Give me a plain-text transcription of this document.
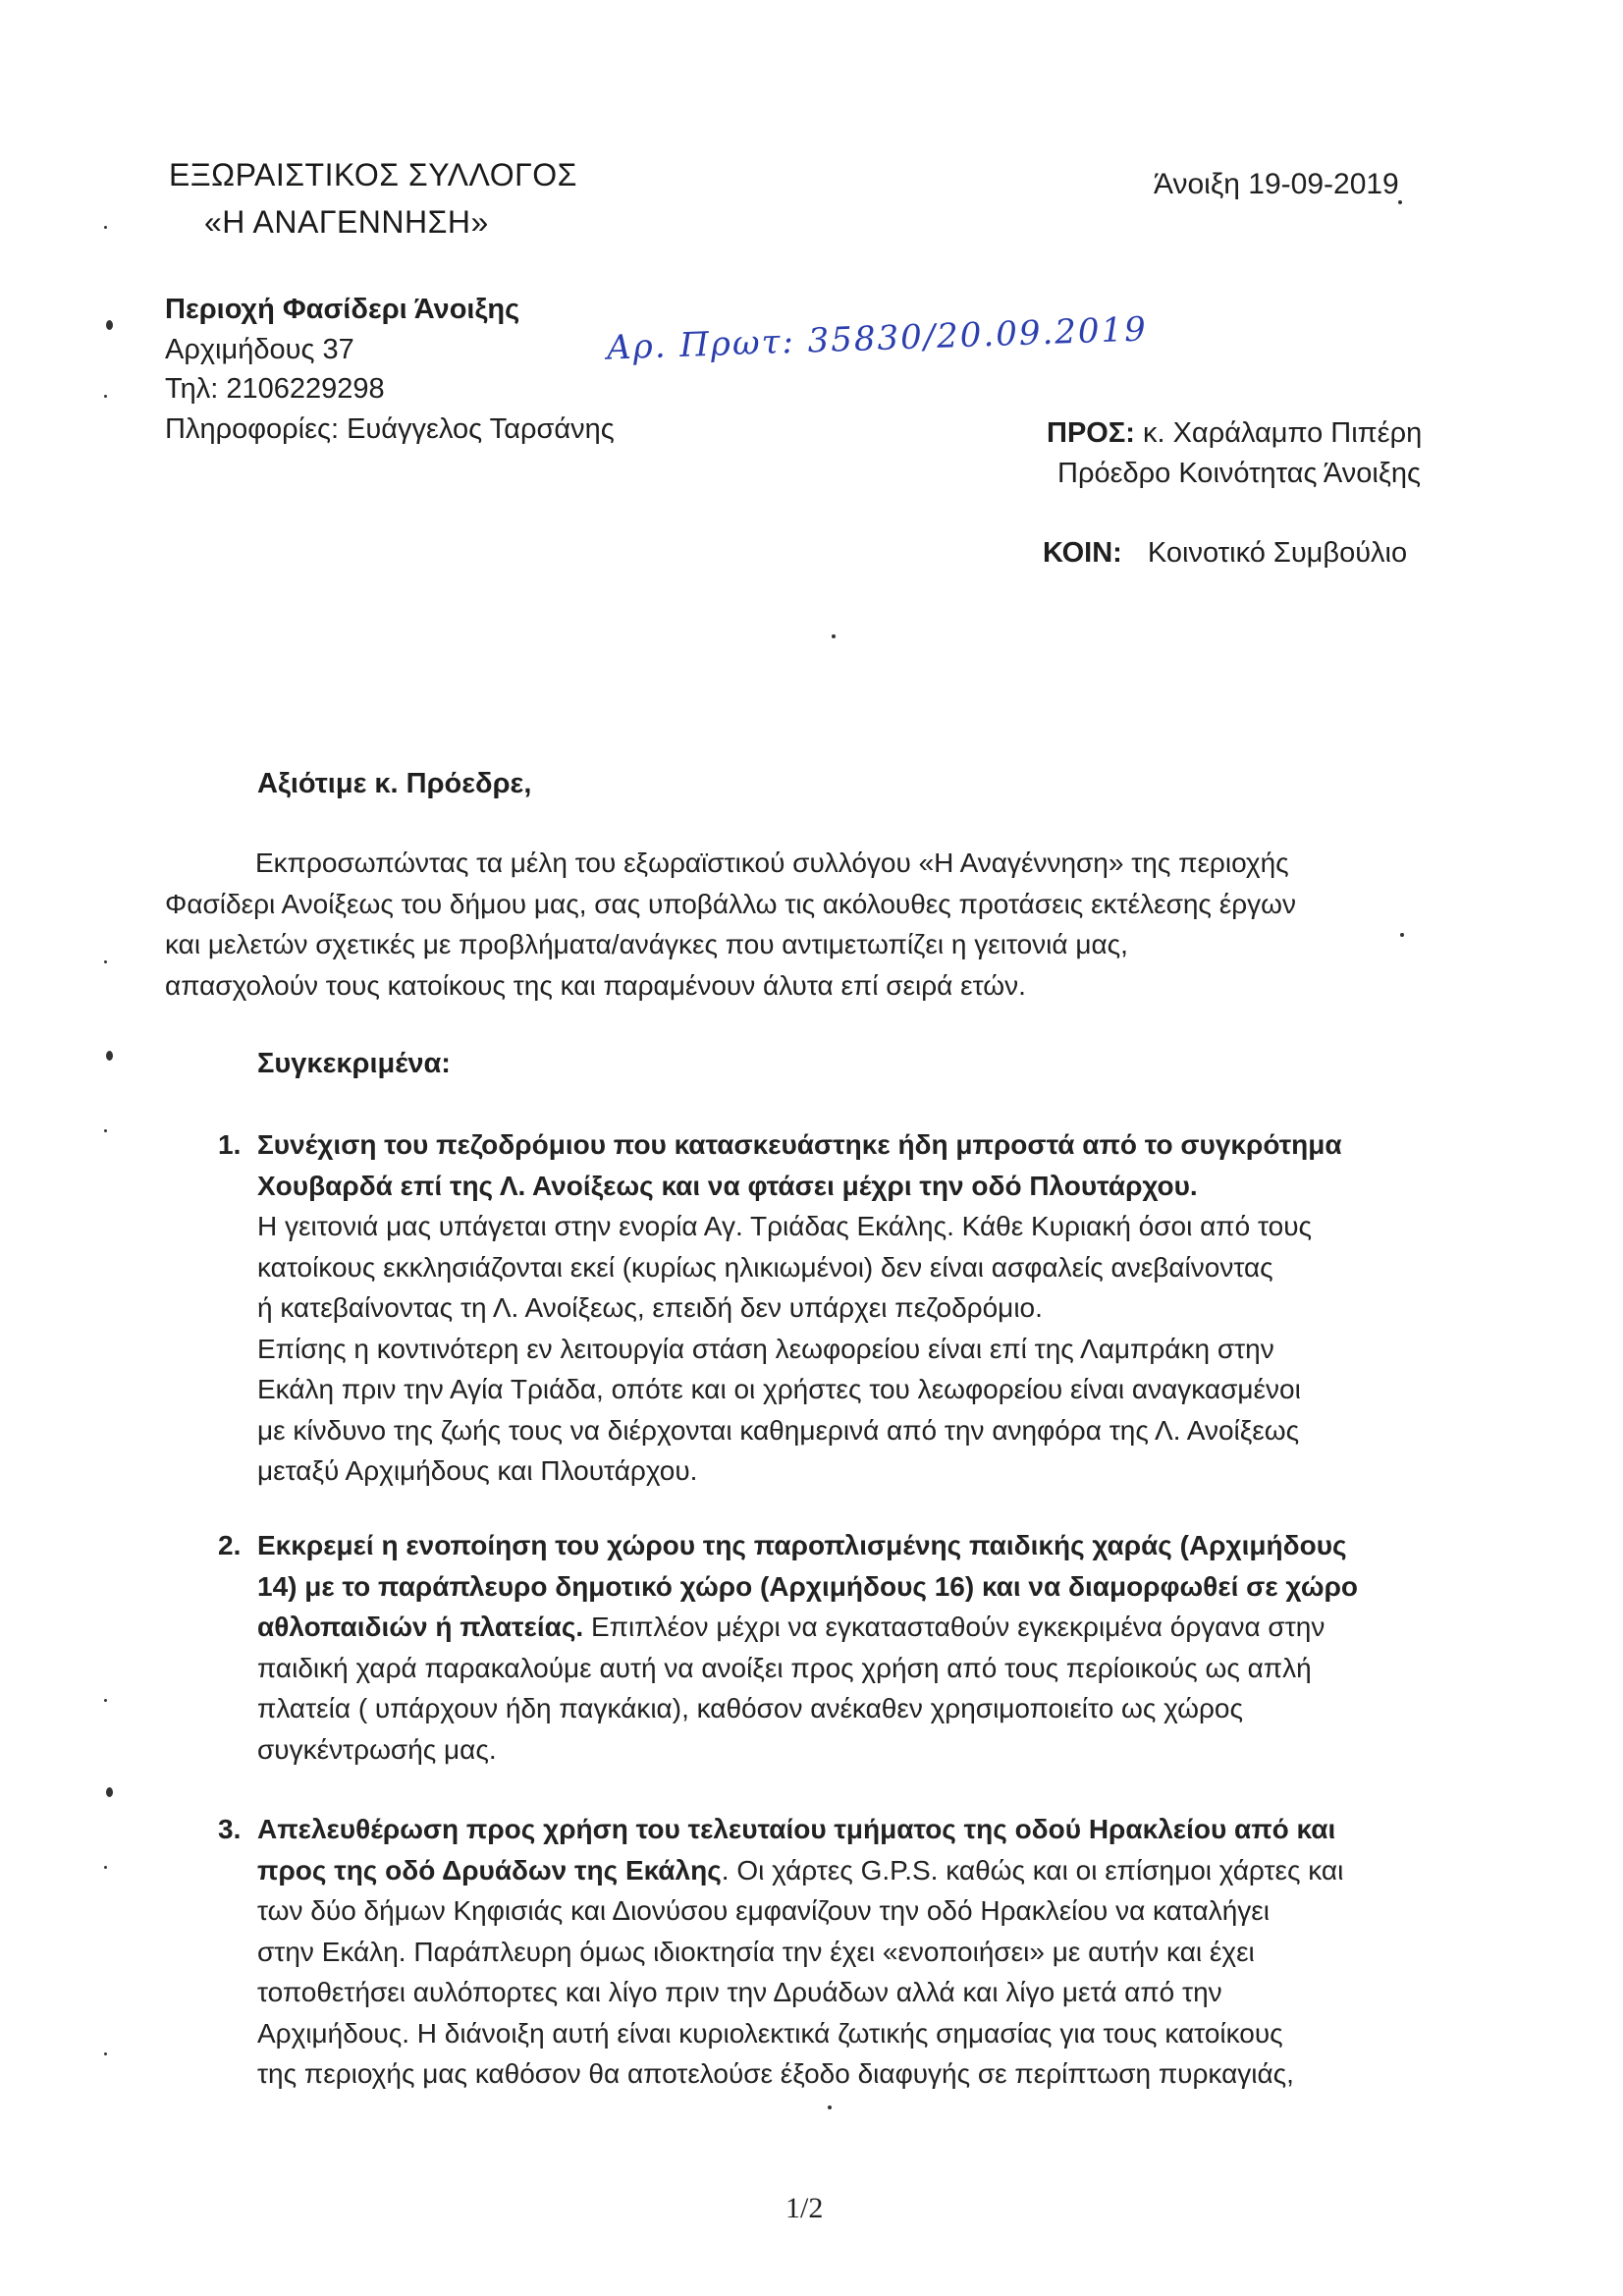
ΕΞΩΡΑΙΣΤΙΚΟΣ ΣΥΛΛΟΓΟΣ
«Η ΑΝΑΓΕΝΝΗΣΗ»
Άνοιξη 19-09-2019
Περιοχή Φασίδερι Άνοιξης
Αρχιμήδους 37
Τηλ: 2106229298
Πληροφορίες: Ευάγγελος Ταρσάνης
Αρ. Πρωτ: 35830/20.09.2019
ΠΡΟΣ: κ. Χαράλαμπο Πιπέρη
Πρόεδρο Κοινότητας Άνοιξης
ΚΟΙΝ: Κοινοτικό Συμβούλιο
Αξιότιμε κ. Πρόεδρε,
Εκπροσωπώντας τα μέλη του εξωραϊστικού συλλόγου «Η Αναγέννηση» της περιοχής
Φασίδερι Ανοίξεως του δήμου μας, σας υποβάλλω τις ακόλουθες προτάσεις εκτέλεσης έργων
και μελετών σχετικές με προβλήματα/ανάγκες που αντιμετωπίζει η γειτονιά μας,
απασχολούν τους κατοίκους της και παραμένουν άλυτα επί σειρά ετών.
Συγκεκριμένα:
1. Συνέχιση του πεζοδρόμιου που κατασκευάστηκε ήδη μπροστά από το συγκρότημα
Χουβαρδά επί της Λ. Ανοίξεως και να φτάσει μέχρι την οδό Πλουτάρχου.
Η γειτονιά μας υπάγεται στην ενορία Αγ. Τριάδας Εκάλης. Κάθε Κυριακή όσοι από τους
κατοίκους εκκλησιάζονται εκεί (κυρίως ηλικιωμένοι) δεν είναι ασφαλείς ανεβαίνοντας
ή κατεβαίνοντας τη Λ. Ανοίξεως, επειδή δεν υπάρχει πεζοδρόμιο.
Επίσης η κοντινότερη εν λειτουργία στάση λεωφορείου είναι επί της Λαμπράκη στην
Εκάλη πριν την Αγία Τριάδα, οπότε και οι χρήστες του λεωφορείου είναι αναγκασμένοι
με κίνδυνο της ζωής τους να διέρχονται καθημερινά από την ανηφόρα της Λ. Ανοίξεως
μεταξύ Αρχιμήδους και Πλουτάρχου.
2. Εκκρεμεί η ενοποίηση του χώρου της παροπλισμένης παιδικής χαράς (Αρχιμήδους
14) με το παράπλευρο δημοτικό χώρο (Αρχιμήδους 16) και να διαμορφωθεί σε χώρο
αθλοπαιδιών ή πλατείας. Επιπλέον μέχρι να εγκατασταθούν εγκεκριμένα όργανα στην
παιδική χαρά παρακαλούμε αυτή να ανοίξει προς χρήση από τους περίοικούς ως απλή
πλατεία ( υπάρχουν ήδη παγκάκια), καθόσον ανέκαθεν χρησιμοποιείτο ως χώρος
συγκέντρωσής μας.
3. Απελευθέρωση προς χρήση του τελευταίου τμήματος της οδού Ηρακλείου από και
προς της οδό Δρυάδων της Εκάλης. Οι χάρτες G.P.S. καθώς και οι επίσημοι χάρτες και
των δύο δήμων Κηφισιάς και Διονύσου εμφανίζουν την οδό Ηρακλείου να καταλήγει
στην Εκάλη. Παράπλευρη όμως ιδιοκτησία την έχει «ενοποιήσει» με αυτήν και έχει
τοποθετήσει αυλόπορτες και λίγο πριν την Δρυάδων αλλά και λίγο μετά από την
Αρχιμήδους. Η διάνοιξη αυτή είναι κυριολεκτικά ζωτικής σημασίας για τους κατοίκους
της περιοχής μας καθόσον θα αποτελούσε έξοδο διαφυγής σε περίπτωση πυρκαγιάς,
1/2
